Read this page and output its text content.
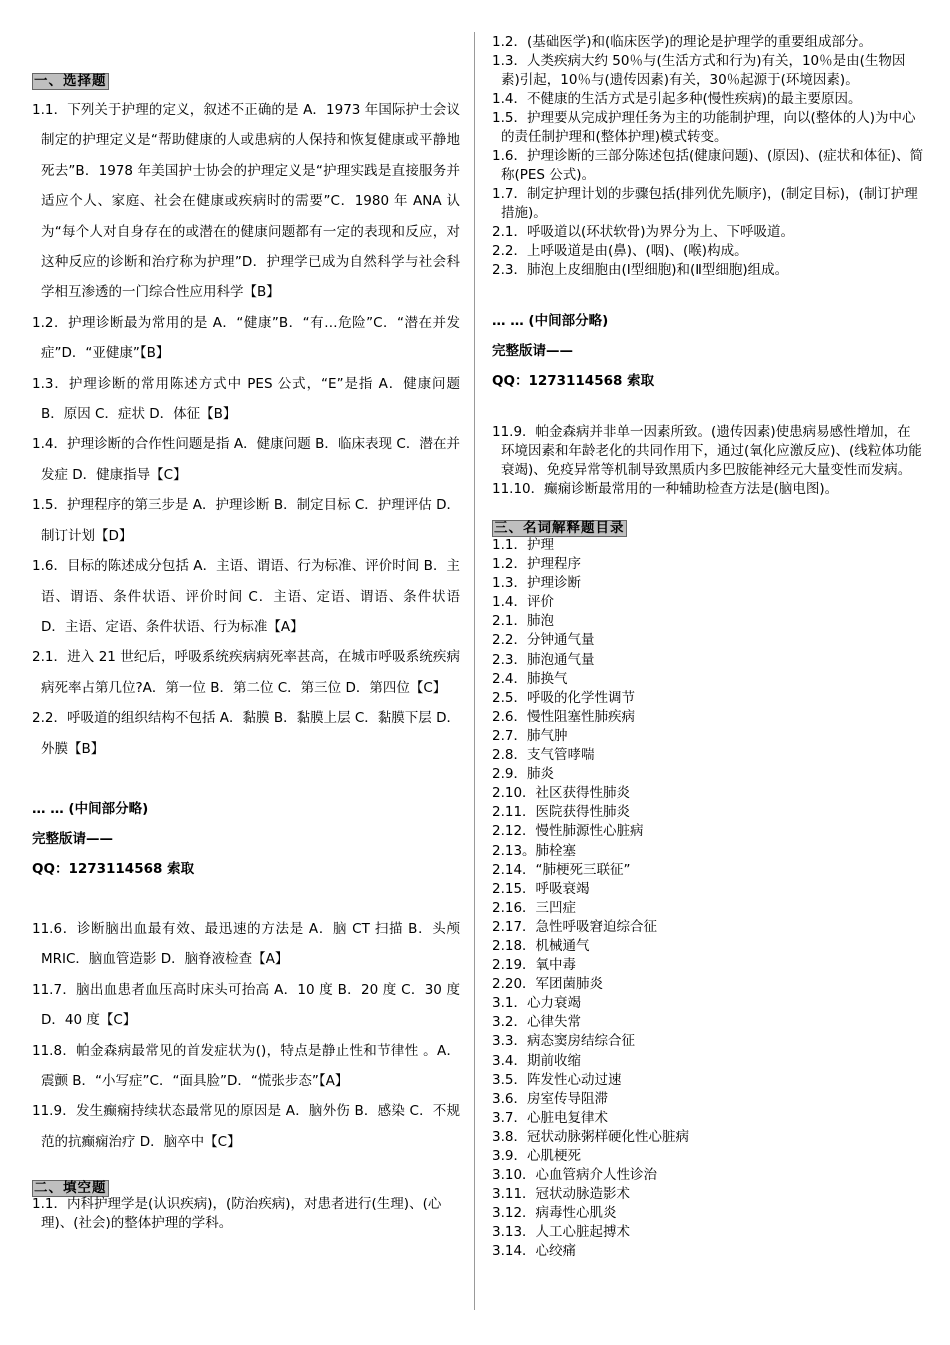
一、选择题
1.1．下列关于护理的定义，叙述不正确的是 A．1973 年国际护士会议制定的护理定义是“帮助健康的人或患病的人保持和恢复健康或平静地死去”B．1978 年美国护士协会的护理定义是“护理实践是直接服务并适应个人、家庭、社会在健康或疾病时的需要”C．1980 年 ANA 认为“每个人对自身存在的或潜在的健康问题都有一定的表现和反应，对这种反应的诊断和治疗称为护理”D．护理学已成为自然科学与社会科学相互渗透的一门综合性应用科学【B】
1.2．护理诊断最为常用的是 A．“健康”B．“有…危险”C．“潜在并发症”D．“亚健康”【B】
1.3．护理诊断的常用陈述方式中 PES 公式，“E”是指 A．健康问题 B．原因 C．症状 D．体征【B】
1.4．护理诊断的合作性问题是指 A．健康问题 B．临床表现 C．潜在并发症 D．健康指导【C】
1.5．护理程序的第三步是 A．护理诊断 B．制定目标 C．护理评估 D．制订计划【D】
1.6．目标的陈述成分包括 A．主语、谓语、行为标准、评价时间 B．主语、谓语、条件状语、评价时间 C．主语、定语、谓语、条件状语 D．主语、定语、条件状语、行为标准【A】
2.1．进入 21 世纪后，呼吸系统疾病病死率甚高，在城市呼吸系统疾病病死率占第几位?A．第一位 B．第二位 C．第三位 D．第四位【C】
2.2．呼吸道的组织结构不包括 A．黏膜 B．黏膜上层 C．黏膜下层 D．外膜【B】
… … (中间部分略)
完整版请——
QQ：1273114568 索取
11.6．诊断脑出血最有效、最迅速的方法是 A．脑 CT 扫描 B．头颅 MRIC．脑血管造影 D．脑脊液检查【A】
11.7．脑出血患者血压高时床头可抬高 A．10 度 B．20 度 C．30 度 D．40 度【C】
11.8．帕金森病最常见的首发症状为()，特点是静止性和节律性 。A．震颤 B．“小写症”C．“面具脸”D．“慌张步态”【A】
11.9．发生癫痫持续状态最常见的原因是 A．脑外伤 B．感染 C．不规范的抗癫痫治疗 D．脑卒中【C】
二、填空题
1.1．内科护理学是(认识疾病)，(防治疾病)，对患者进行(生理)、(心理)、(社会)的整体护理的学科。
1.2．(基础医学)和(临床医学)的理论是护理学的重要组成部分。
1.3．人类疾病大约 50％与(生活方式和行为)有关，10％是由(生物因素)引起，10％与(遗传因素)有关，30％起源于(环境因素)。
1.4．不健康的生活方式是引起多种(慢性疾病)的最主要原因。
1.5．护理要从完成护理任务为主的功能制护理，向以(整体的人)为中心的责任制护理和(整体护理)模式转变。
1.6．护理诊断的三部分陈述包括(健康问题)、(原因)、(症状和体征)、简称(PES 公式)。
1.7．制定护理计划的步骤包括(排列优先顺序)，(制定目标)，(制订护理措施)。
2.1．呼吸道以(环状软骨)为界分为上、下呼吸道。
2.2．上呼吸道是由(鼻)、(咽)、(喉)构成。
2.3．肺泡上皮细胞由(Ⅰ型细胞)和(Ⅱ型细胞)组成。
… … (中间部分略)
完整版请——
QQ：1273114568 索取
11.9．帕金森病并非单一因素所致。(遗传因素)使患病易感性增加，在环境因素和年龄老化的共同作用下，通过(氧化应激反应)、(线粒体功能衰竭)、免疫异常等机制导致黑质内多巴胺能神经元大量变性而发病。
11.10．癫痫诊断最常用的一种辅助检查方法是(脑电图)。
三、名词解释题目录
1.1．护理
1.2．护理程序
1.3．护理诊断
1.4．评价
2.1．肺泡
2.2．分钟通气量
2.3．肺泡通气量
2.4．肺换气
2.5．呼吸的化学性调节
2.6．慢性阻塞性肺疾病
2.7．肺气肿
2.8．支气管哮喘
2.9．肺炎
2.10．社区获得性肺炎
2.11．医院获得性肺炎
2.12．慢性肺源性心脏病
2.13。肺栓塞
2.14．“肺梗死三联征”
2.15．呼吸衰竭
2.16．三凹症
2.17．急性呼吸窘迫综合征
2.18．机械通气
2.19．氧中毒
2.20．军团菌肺炎
3.1．心力衰竭
3.2．心律失常
3.3．病态窦房结综合征
3.4．期前收缩
3.5．阵发性心动过速
3.6．房室传导阻滞
3.7．心脏电复律术
3.8．冠状动脉粥样硬化性心脏病
3.9．心肌梗死
3.10．心血管病介人性诊治
3.11．冠状动脉造影术
3.12．病毒性心肌炎
3.13．人工心脏起搏术
3.14．心绞痛
